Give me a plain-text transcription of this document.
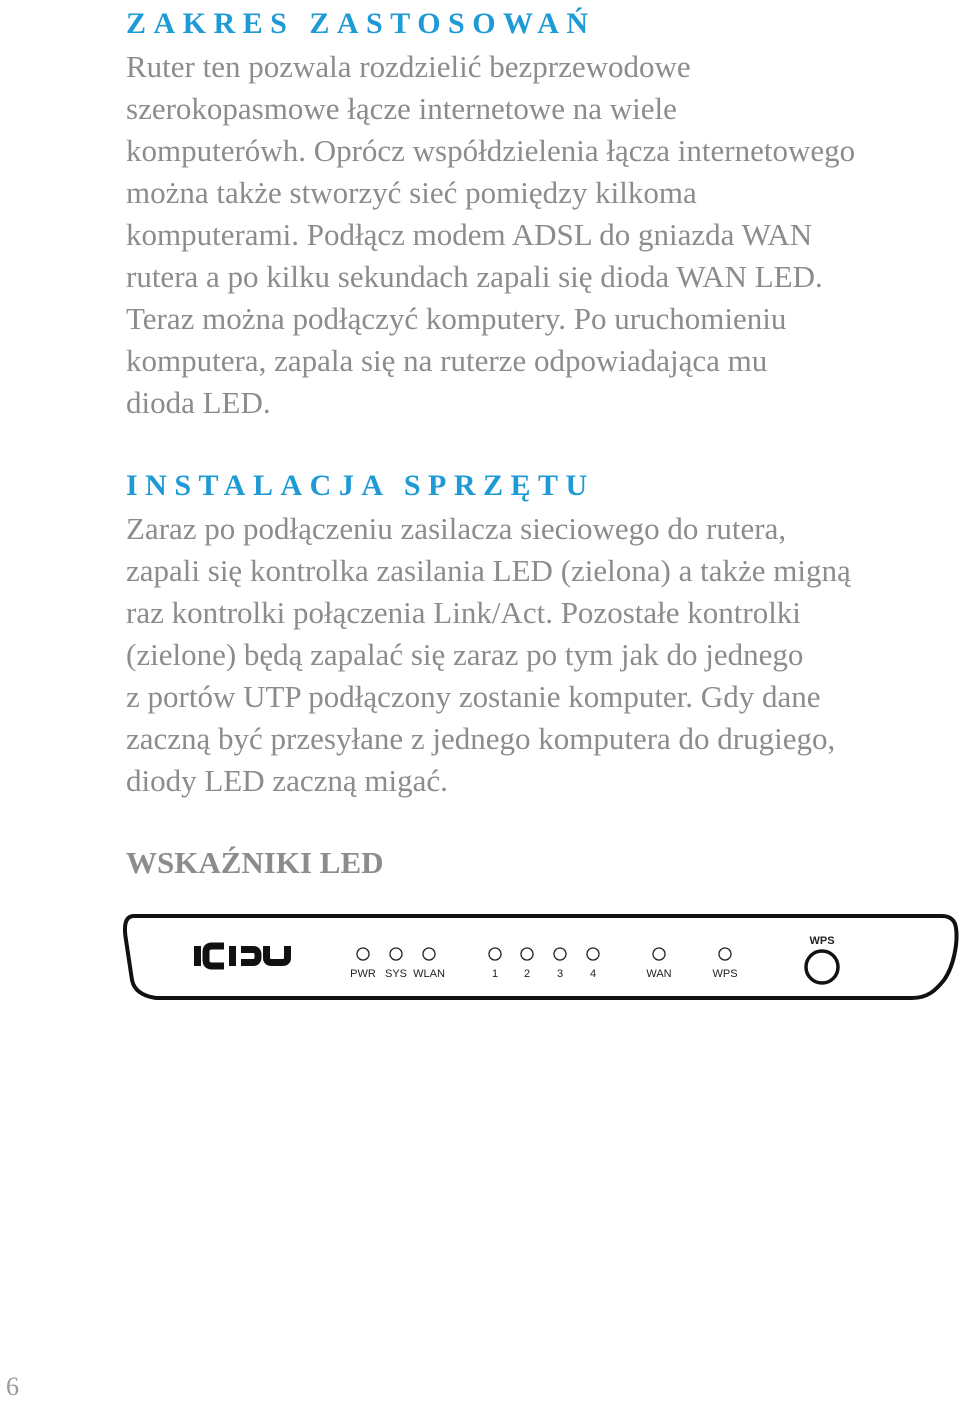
ZAKRES ZASTOSOWAŃ
Ruter ten pozwala rozdzielić bezprzewodowe
szerokopasmowe łącze internetowe na wiele
komputerówh. Oprócz współdzielenia łącza internetowego
można także stworzyć sieć pomiędzy kilkoma
komputerami. Podłącz modem ADSL do gniazda WAN
rutera a po kilku sekundach zapali się dioda WAN LED.
Teraz można podłączyć komputery. Po uruchomieniu
komputera, zapala się na ruterze odpowiadająca mu
dioda LED.
INSTALACJA SPRZĘTU
Zaraz po podłączeniu zasilacza sieciowego do rutera,
zapali się kontrolka zasilania LED (zielona) a także migną
raz kontrolki połączenia Link/Act. Pozostałe kontrolki
(zielone) będą zapalać się zaraz po tym jak do jednego
z portów UTP podłączony zostanie komputer. Gdy dane
zaczną być przesyłane z jednego komputera do drugiego,
diody LED zaczną migać.
WSKAŹNIKI LED
PWR SYS WLAN	1 2 3 4	WAN	WPS
WPS
6
